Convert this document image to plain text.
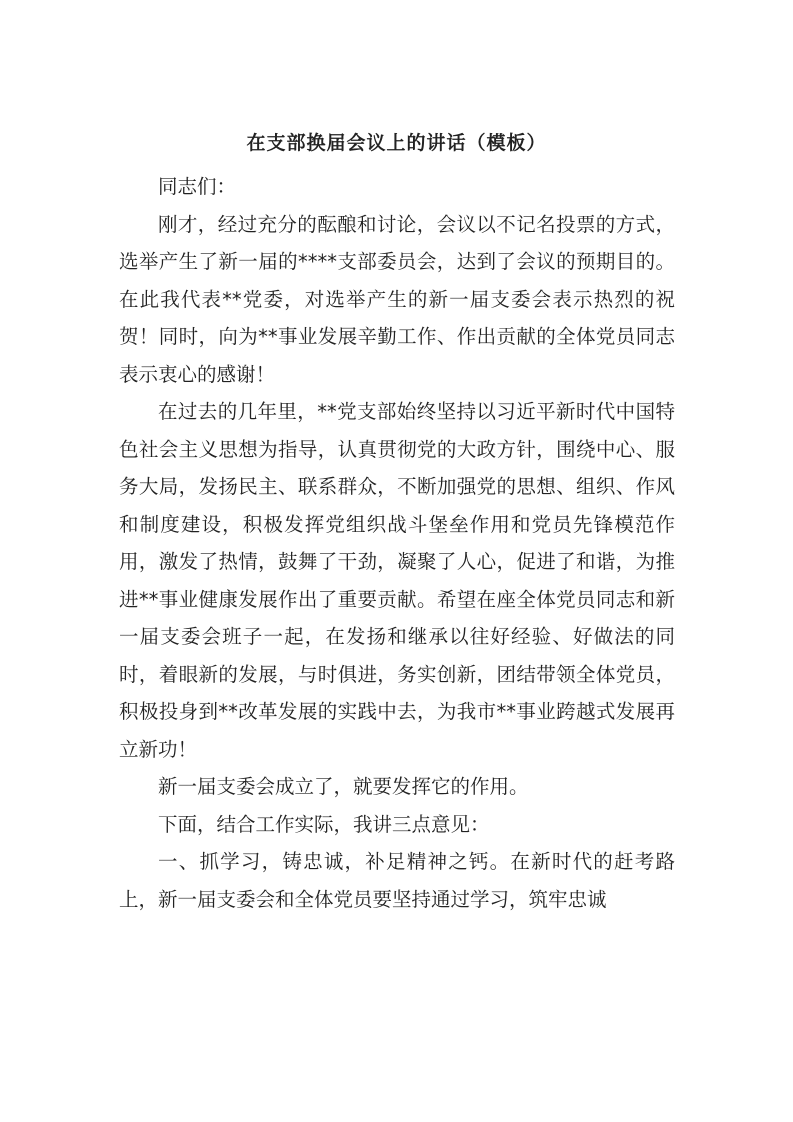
在支部换届会议上的讲话（模板）

同志们：

刚才，经过充分的酝酿和讨论，会议以不记名投票的方式，选举产生了新一届的****支部委员会，达到了会议的预期目的。在此我代表**党委，对选举产生的新一届支委会表示热烈的祝贺！同时，向为**事业发展辛勤工作、作出贡献的全体党员同志表示衷心的感谢！

在过去的几年里，**党支部始终坚持以习近平新时代中国特色社会主义思想为指导，认真贯彻党的大政方针，围绕中心、服务大局，发扬民主、联系群众，不断加强党的思想、组织、作风和制度建设，积极发挥党组织战斗堡垒作用和党员先锋模范作用，激发了热情，鼓舞了干劲，凝聚了人心，促进了和谐，为推进**事业健康发展作出了重要贡献。希望在座全体党员同志和新一届支委会班子一起，在发扬和继承以往好经验、好做法的同时，着眼新的发展，与时俱进，务实创新，团结带领全体党员，积极投身到**改革发展的实践中去，为我市**事业跨越式发展再立新功！

新一届支委会成立了，就要发挥它的作用。

下面，结合工作实际，我讲三点意见：

一、抓学习，铸忠诚，补足精神之钙。在新时代的赶考路上，新一届支委会和全体党员要坚持通过学习，筑牢忠诚
